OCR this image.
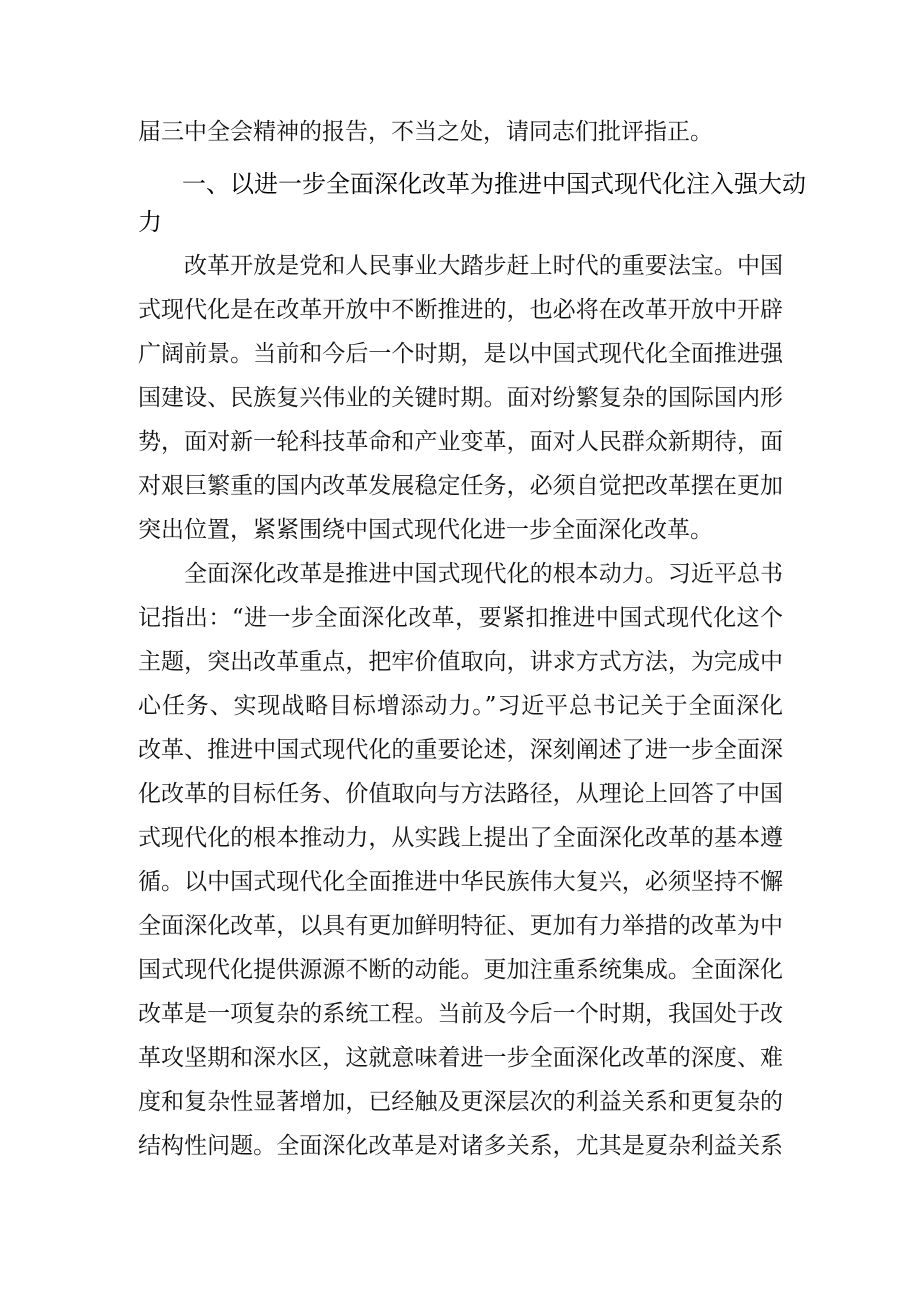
届三中全会精神的报告，不当之处，请同志们批评指正。
一、以进一步全面深化改革为推进中国式现代化注入强大动
力
改革开放是党和人民事业大踏步赶上时代的重要法宝。中国
式现代化是在改革开放中不断推进的，也必将在改革开放中开辟
广阔前景。当前和今后一个时期，是以中国式现代化全面推进强
国建设、民族复兴伟业的关键时期。面对纷繁复杂的国际国内形
势，面对新一轮科技革命和产业变革，面对人民群众新期待，面
对艰巨繁重的国内改革发展稳定任务，必须自觉把改革摆在更加
突出位置，紧紧围绕中国式现代化进一步全面深化改革。
全面深化改革是推进中国式现代化的根本动力。习近平总书
记指出：“进一步全面深化改革，要紧扣推进中国式现代化这个
主题，突出改革重点，把牢价值取向，讲求方式方法，为完成中
心任务、实现战略目标增添动力。”习近平总书记关于全面深化
改革、推进中国式现代化的重要论述，深刻阐述了进一步全面深
化改革的目标任务、价值取向与方法路径，从理论上回答了中国
式现代化的根本推动力，从实践上提出了全面深化改革的基本遵
循。以中国式现代化全面推进中华民族伟大复兴，必须坚持不懈
全面深化改革，以具有更加鲜明特征、更加有力举措的改革为中
国式现代化提供源源不断的动能。更加注重系统集成。全面深化
改革是一项复杂的系统工程。当前及今后一个时期，我国处于改
革攻坚期和深水区，这就意味着进一步全面深化改革的深度、难
度和复杂性显著增加，已经触及更深层次的利益关系和更复杂的
结构性问题。全面深化改革是对诸多关系，尤其是夏杂利益关系
